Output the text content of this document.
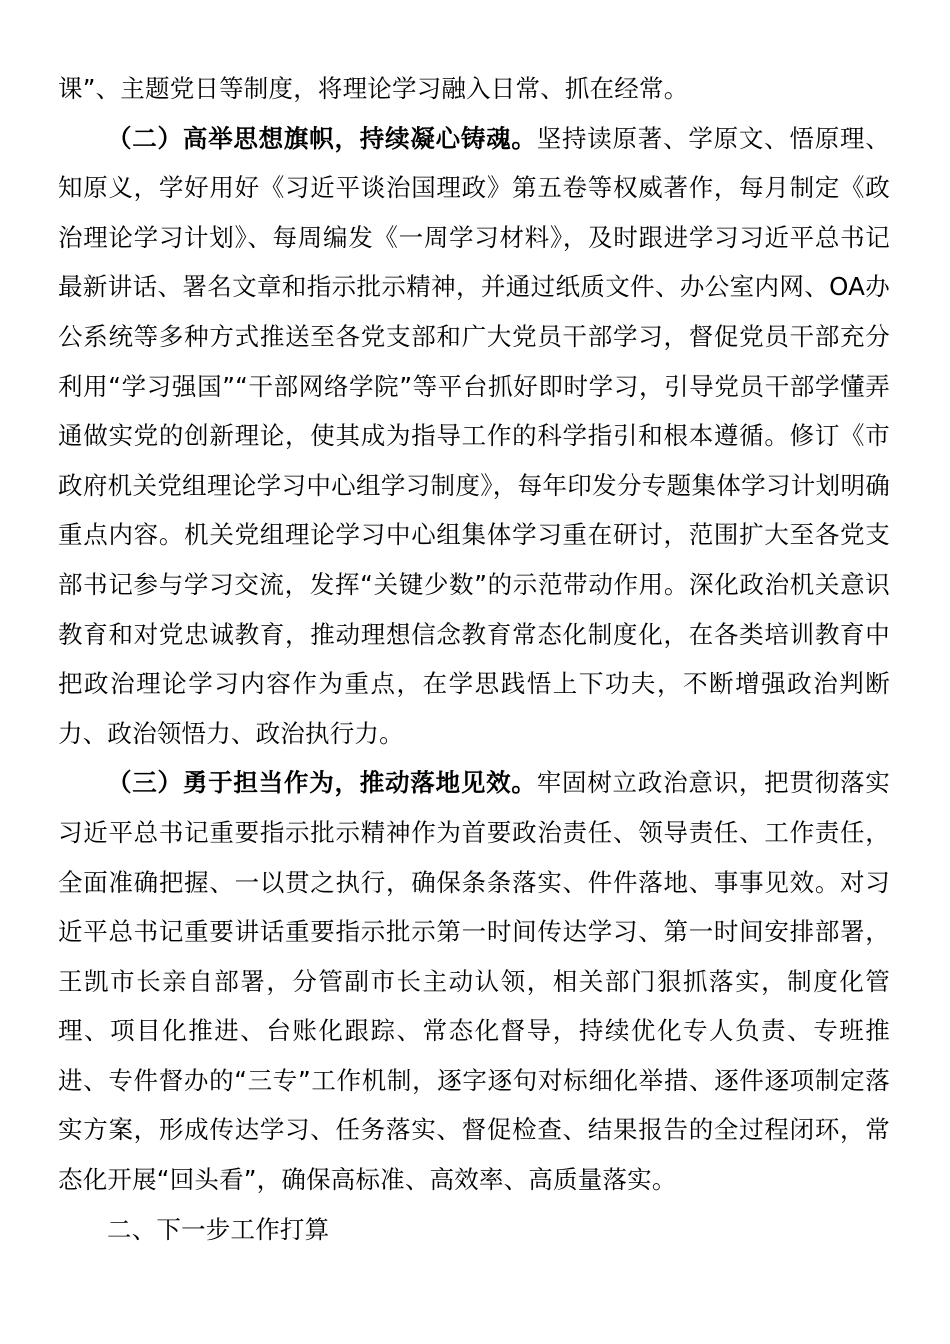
课”、主题党日等制度，将理论学习融入日常、抓在经常。

（二）高举思想旗帜，持续凝心铸魂。坚持读原著、学原文、悟原理、知原义，学好用好《习近平谈治国理政》第五卷等权威著作，每月制定《政治理论学习计划》、每周编发《一周学习材料》，及时跟进学习习近平总书记最新讲话、署名文章和指示批示精神，并通过纸质文件、办公室内网、OA办公系统等多种方式推送至各党支部和广大党员干部学习，督促党员干部充分利用“学习强国”“干部网络学院”等平台抓好即时学习，引导党员干部学懂弄通做实党的创新理论，使其成为指导工作的科学指引和根本遵循。修订《市政府机关党组理论学习中心组学习制度》，每年印发分专题集体学习计划明确重点内容。机关党组理论学习中心组集体学习重在研讨，范围扩大至各党支部书记参与学习交流，发挥“关键少数”的示范带动作用。深化政治机关意识教育和对党忠诚教育，推动理想信念教育常态化制度化，在各类培训教育中把政治理论学习内容作为重点，在学思践悟上下功夫，不断增强政治判断力、政治领悟力、政治执行力。

（三）勇于担当作为，推动落地见效。牢固树立政治意识，把贯彻落实习近平总书记重要指示批示精神作为首要政治责任、领导责任、工作责任，全面准确把握、一以贯之执行，确保条条落实、件件落地、事事见效。对习近平总书记重要讲话重要指示批示第一时间传达学习、第一时间安排部署，王凯市长亲自部署，分管副市长主动认领，相关部门狠抓落实，制度化管理、项目化推进、台账化跟踪、常态化督导，持续优化专人负责、专班推进、专件督办的“三专”工作机制，逐字逐句对标细化举措、逐件逐项制定落实方案，形成传达学习、任务落实、督促检查、结果报告的全过程闭环，常态化开展“回头看”，确保高标准、高效率、高质量落实。

二、下一步工作打算
